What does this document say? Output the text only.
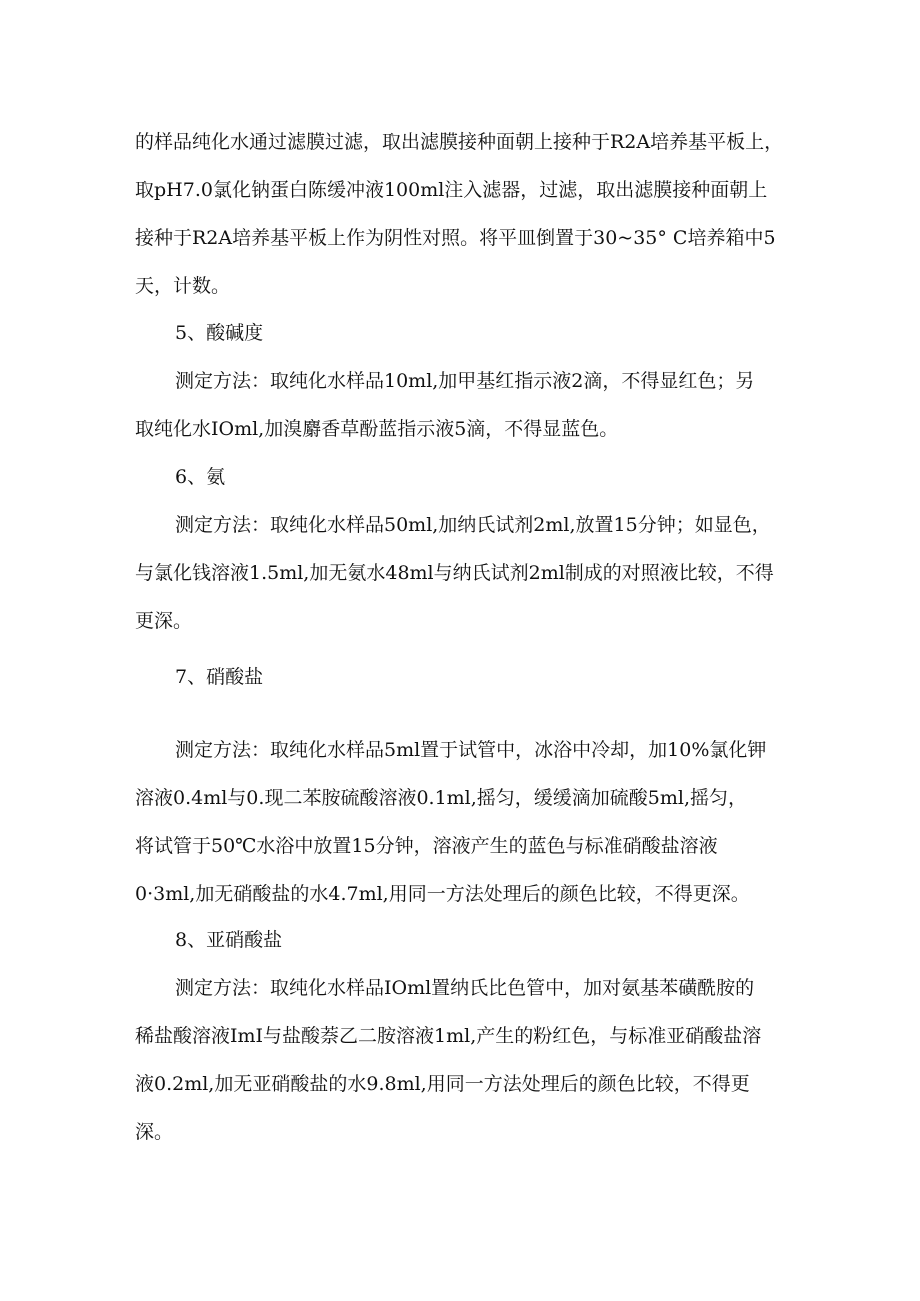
的样品纯化水通过滤膜过滤，取出滤膜接种面朝上接种于R2A培养基平板上，
取pH7.0氯化钠蛋白陈缓冲液100ml注入滤器，过滤，取出滤膜接种面朝上
接种于R2A培养基平板上作为阴性对照。将平皿倒置于30~35° C培养箱中5
天，计数。
5、酸碱度
测定方法：取纯化水样品10ml,加甲基红指示液2滴，不得显红色；另
取纯化水IOml,加溴麝香草酚蓝指示液5滴，不得显蓝色。
6、氨
测定方法：取纯化水样品50ml,加纳氏试剂2ml,放置15分钟；如显色，
与氯化钱溶液1.5ml,加无氨水48ml与纳氏试剂2ml制成的对照液比较，不得
更深。
7、硝酸盐
测定方法：取纯化水样品5ml置于试管中，冰浴中冷却，加10%氯化钾
溶液0.4ml与0.现二苯胺硫酸溶液0.1ml,摇匀，缓缓滴加硫酸5ml,摇匀，
将试管于50℃水浴中放置15分钟，溶液产生的蓝色与标准硝酸盐溶液
0·3ml,加无硝酸盐的水4.7ml,用同一方法处理后的颜色比较，不得更深。
8、亚硝酸盐
测定方法：取纯化水样品IOml置纳氏比色管中，加对氨基苯磺酰胺的
稀盐酸溶液ImI与盐酸萘乙二胺溶液1ml,产生的粉红色，与标准亚硝酸盐溶
液0.2ml,加无亚硝酸盐的水9.8ml,用同一方法处理后的颜色比较，不得更
深。
